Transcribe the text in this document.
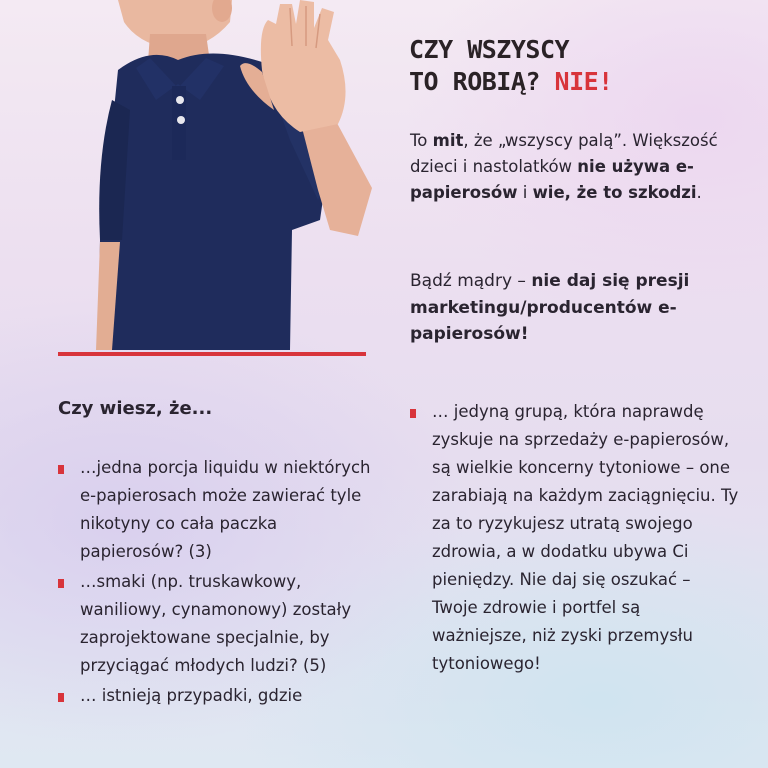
CZY WSZYSCY
TO ROBIĄ? NIE!

To mit, że „wszyscy palą”. Większość dzieci i nastolatków nie używa e-papierosów i wie, że to szkodzi.

Bądź mądry – nie daj się presji marketingu/producentów e-papierosów!

Czy wiesz, że...
…jedna porcja liquidu w niektórych e-papierosach może zawierać tyle nikotyny co cała paczka papierosów? (3)
…smaki (np. truskawkowy, waniliowy, cynamonowy) zostały zaprojektowane specjalnie, by przyciągać młodych ludzi? (5)
… istnieją przypadki, gdzie
… jedyną grupą, która naprawdę zyskuje na sprzedaży e-papierosów, są wielkie koncerny tytoniowe – one zarabiają na każdym zaciągnięciu. Ty za to ryzykujesz utratą swojego zdrowia, a w dodatku ubywa Ci pieniędzy. Nie daj się oszukać – Twoje zdrowie i portfel są ważniejsze, niż zyski przemysłu tytoniowego!
